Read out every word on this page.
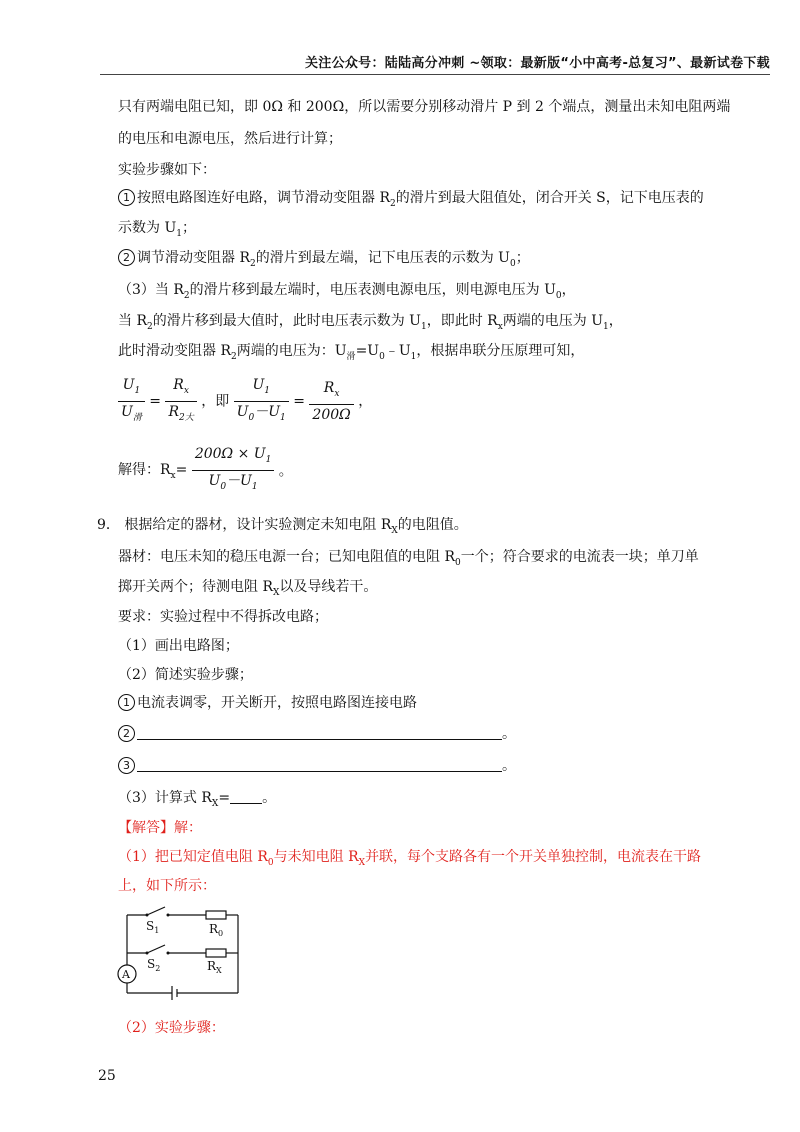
关注公众号：陆陆高分冲刺 ~领取：最新版“小中高考-总复习”、最新试卷下载
只有两端电阻已知，即 0Ω 和 200Ω，所以需要分别移动滑片 P 到 2 个端点，测量出未知电阻两端
的电压和电源电压，然后进行计算；
实验步骤如下：
1 按照电路图连好电路，调节滑动变阻器 $R_2$的滑片到最大阻值处，闭合开关 S，记下电压表的
示数为 $U_1$；
2 调节滑动变阻器 $R_2$的滑片到最左端，记下电压表的示数为 $U_0$；
（3）当 $R_2$的滑片移到最左端时，电压表测电源电压，则电源电压为 $U_0$，
当 $R_2$的滑片移到最大值时，此时电压表示数为 $U_1$，即此时 $R_x$两端的电压为 $U_1$，
此时滑动变阻器 $R_2$两端的电压为：$U_滑=U_0﹣U_1$，根据串联分压原理可知，
$\frac{U_1}{U_滑} = \frac{R_x}{R_{2大}}$ ，即 $\frac{U_1}{U_0-U_1} = \frac{R_x}{200\Omega}$ ，
解得：$R_x= \frac{200\Omega \times U_1}{U_0-U_1}$ 。
9． 根据给定的器材，设计实验测定未知电阻 $R_X$的电阻值。
器材：电压未知的稳压电源一台；已知电阻值的电阻 $R_0$一个；符合要求的电流表一块；单刀单
掷开关两个；待测电阻 $R_X$以及导线若干。
要求：实验过程中不得拆改电路；
（1）画出电路图；
（2）简述实验步骤；
1 电流表调零，开关断开，按照电路图连接电路
2	。
3	。
（3）计算式 $R_X=$ 。
【解答】解：
（1）把已知定值电阻 $R_0$与未知电阻 $R_X$并联，每个支路各有一个开关单独控制，电流表在干路
上，如下所示：
A
$S_1$
$S_2$
$R_0$
$R_X$
（2）实验步骤：
25
